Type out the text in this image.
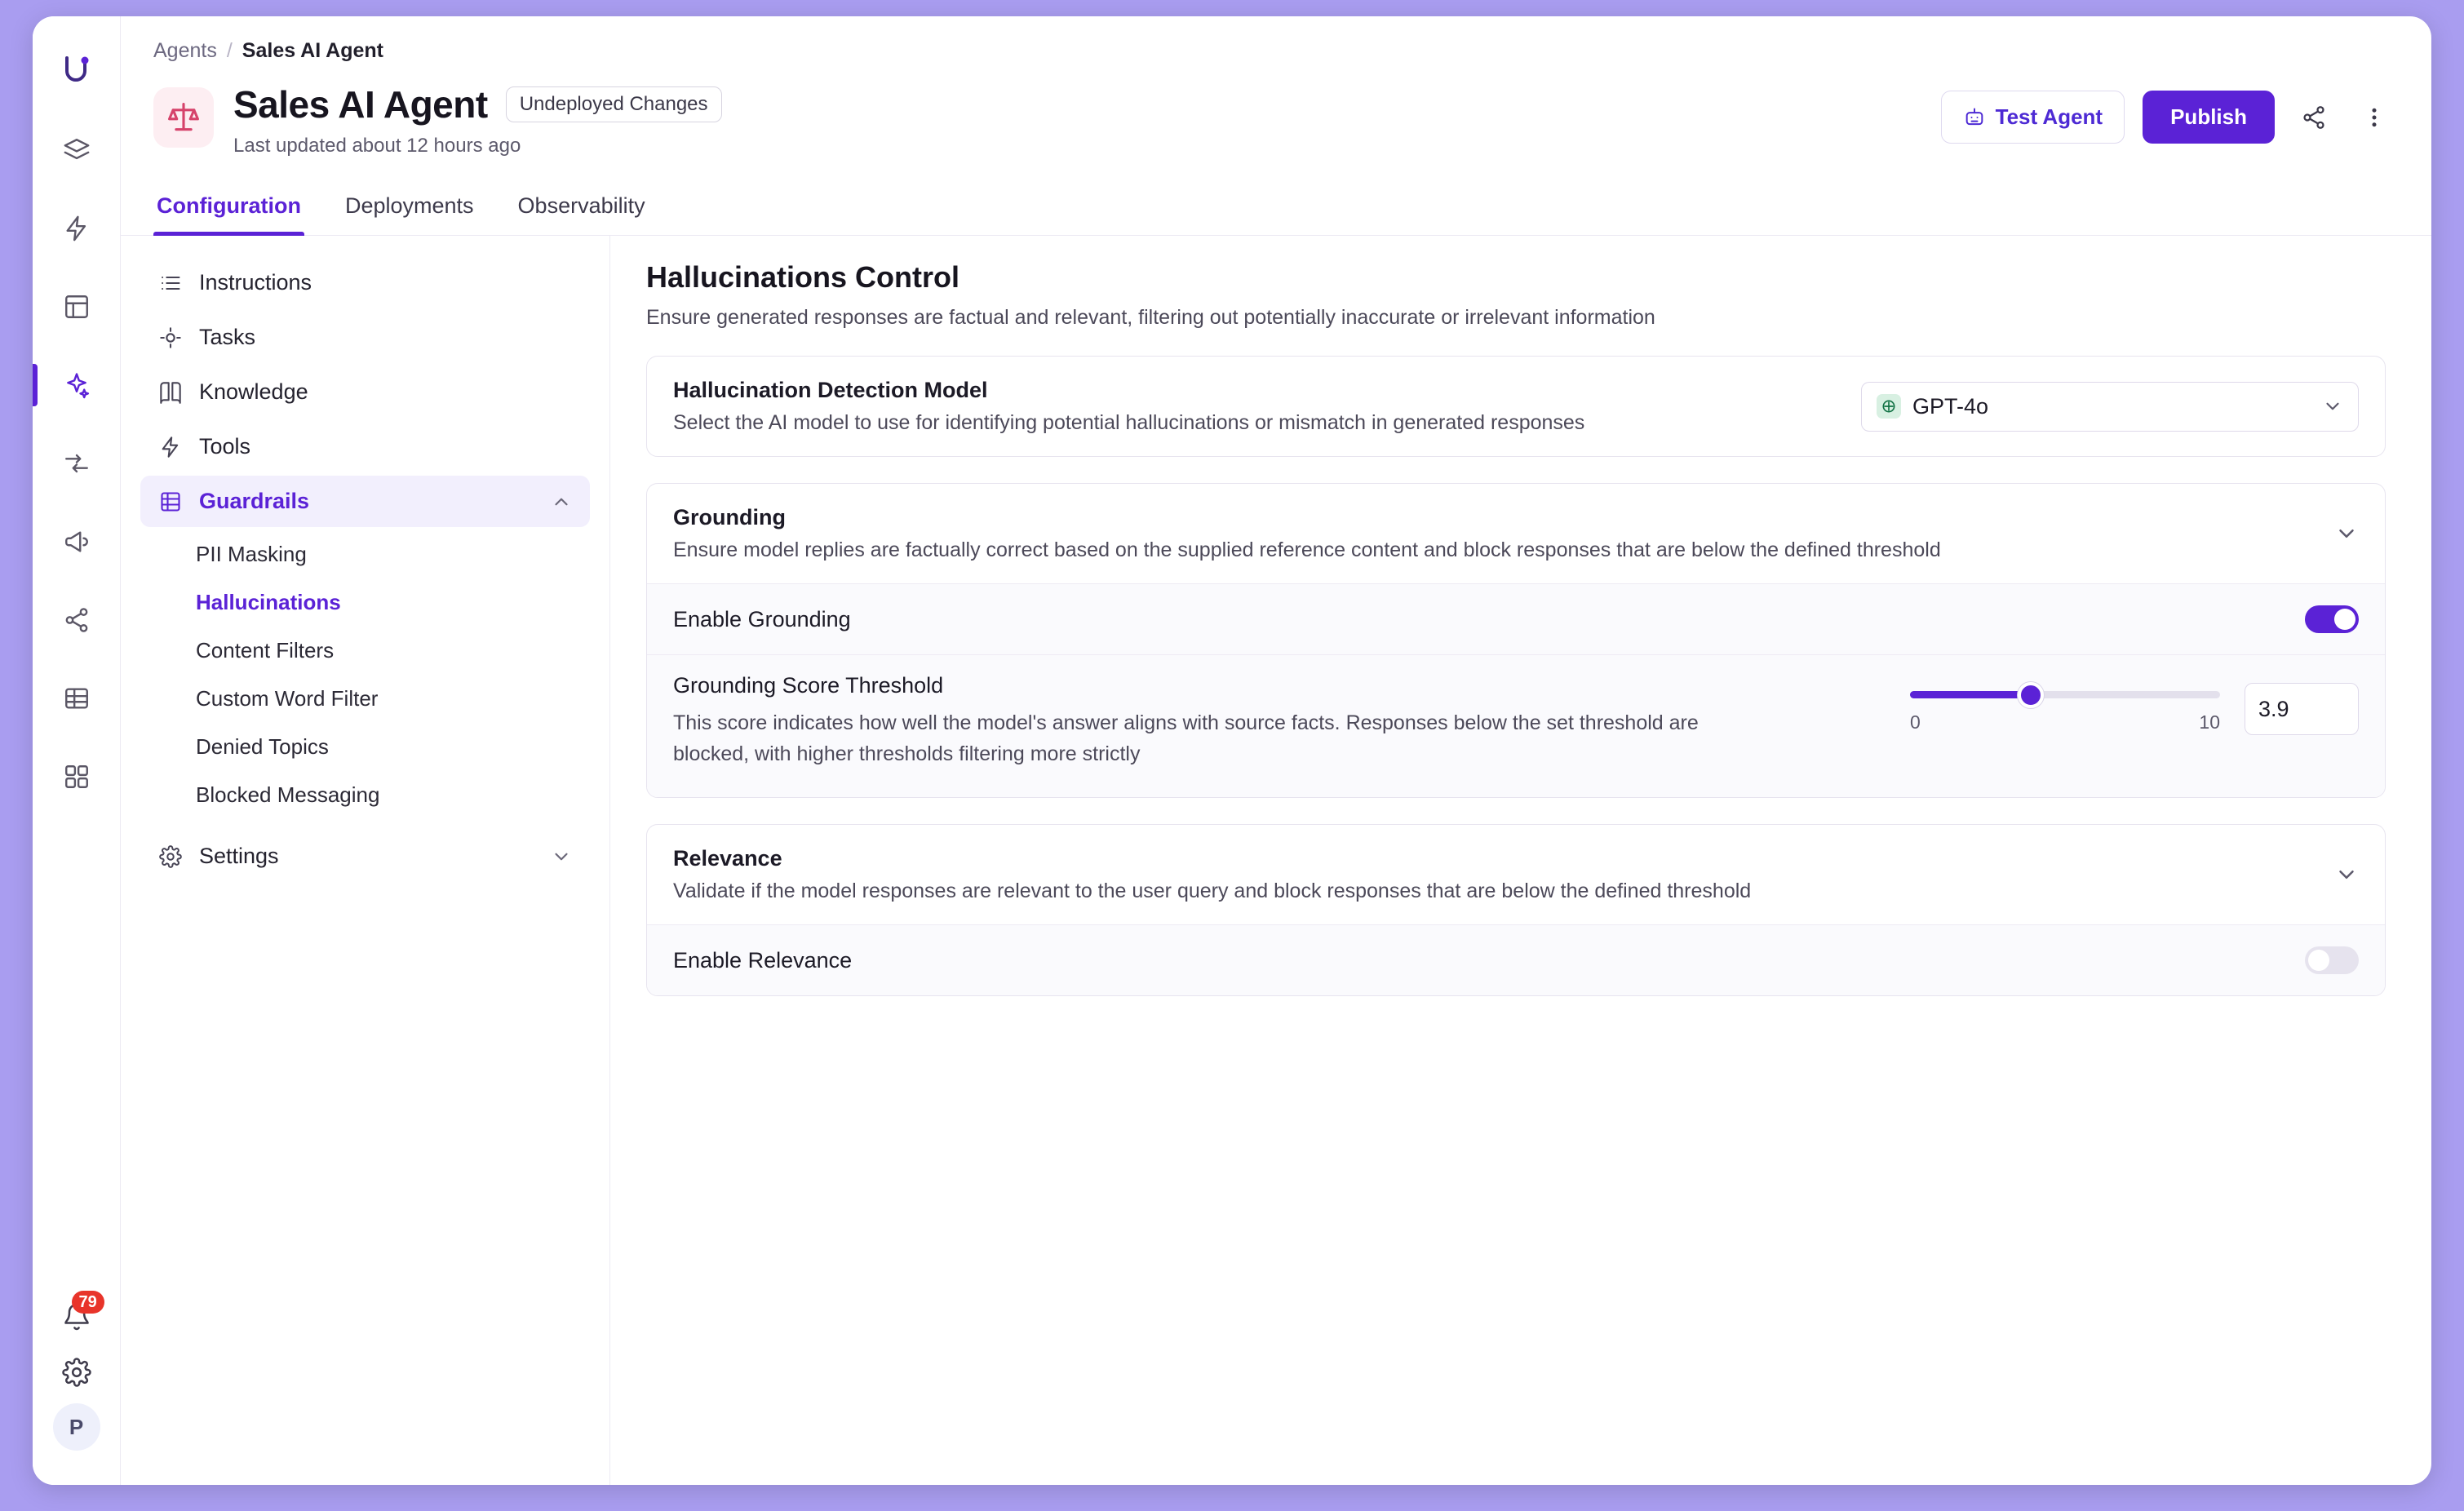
79
P
Agents / Sales AI Agent
Sales AI Agent	Undeployed Changes
Last updated about 12 hours ago
Test Agent	Publish
Configuration Deployments Observability
Instructions
Tasks
Knowledge
Tools
Guardrails
PII Masking
Hallucinations
Content Filters
Custom Word Filter
Denied Topics
Blocked Messaging
Settings
Hallucinations Control
Ensure generated responses are factual and relevant, filtering out potentially inaccurate or irrelevant information
Hallucination Detection Model
Select the AI model to use for identifying potential hallucinations or mismatch in generated responses
GPT-4o
Grounding
Ensure model replies are factually correct based on the supplied reference content and block responses that are below the defined threshold
Enable Grounding
Grounding Score Threshold
This score indicates how well the model's answer aligns with source facts. Responses below the set threshold are blocked, with higher thresholds filtering more strictly
0	10
3.9
Relevance
Validate if the model responses are relevant to the user query and block responses that are below the defined threshold
Enable Relevance
